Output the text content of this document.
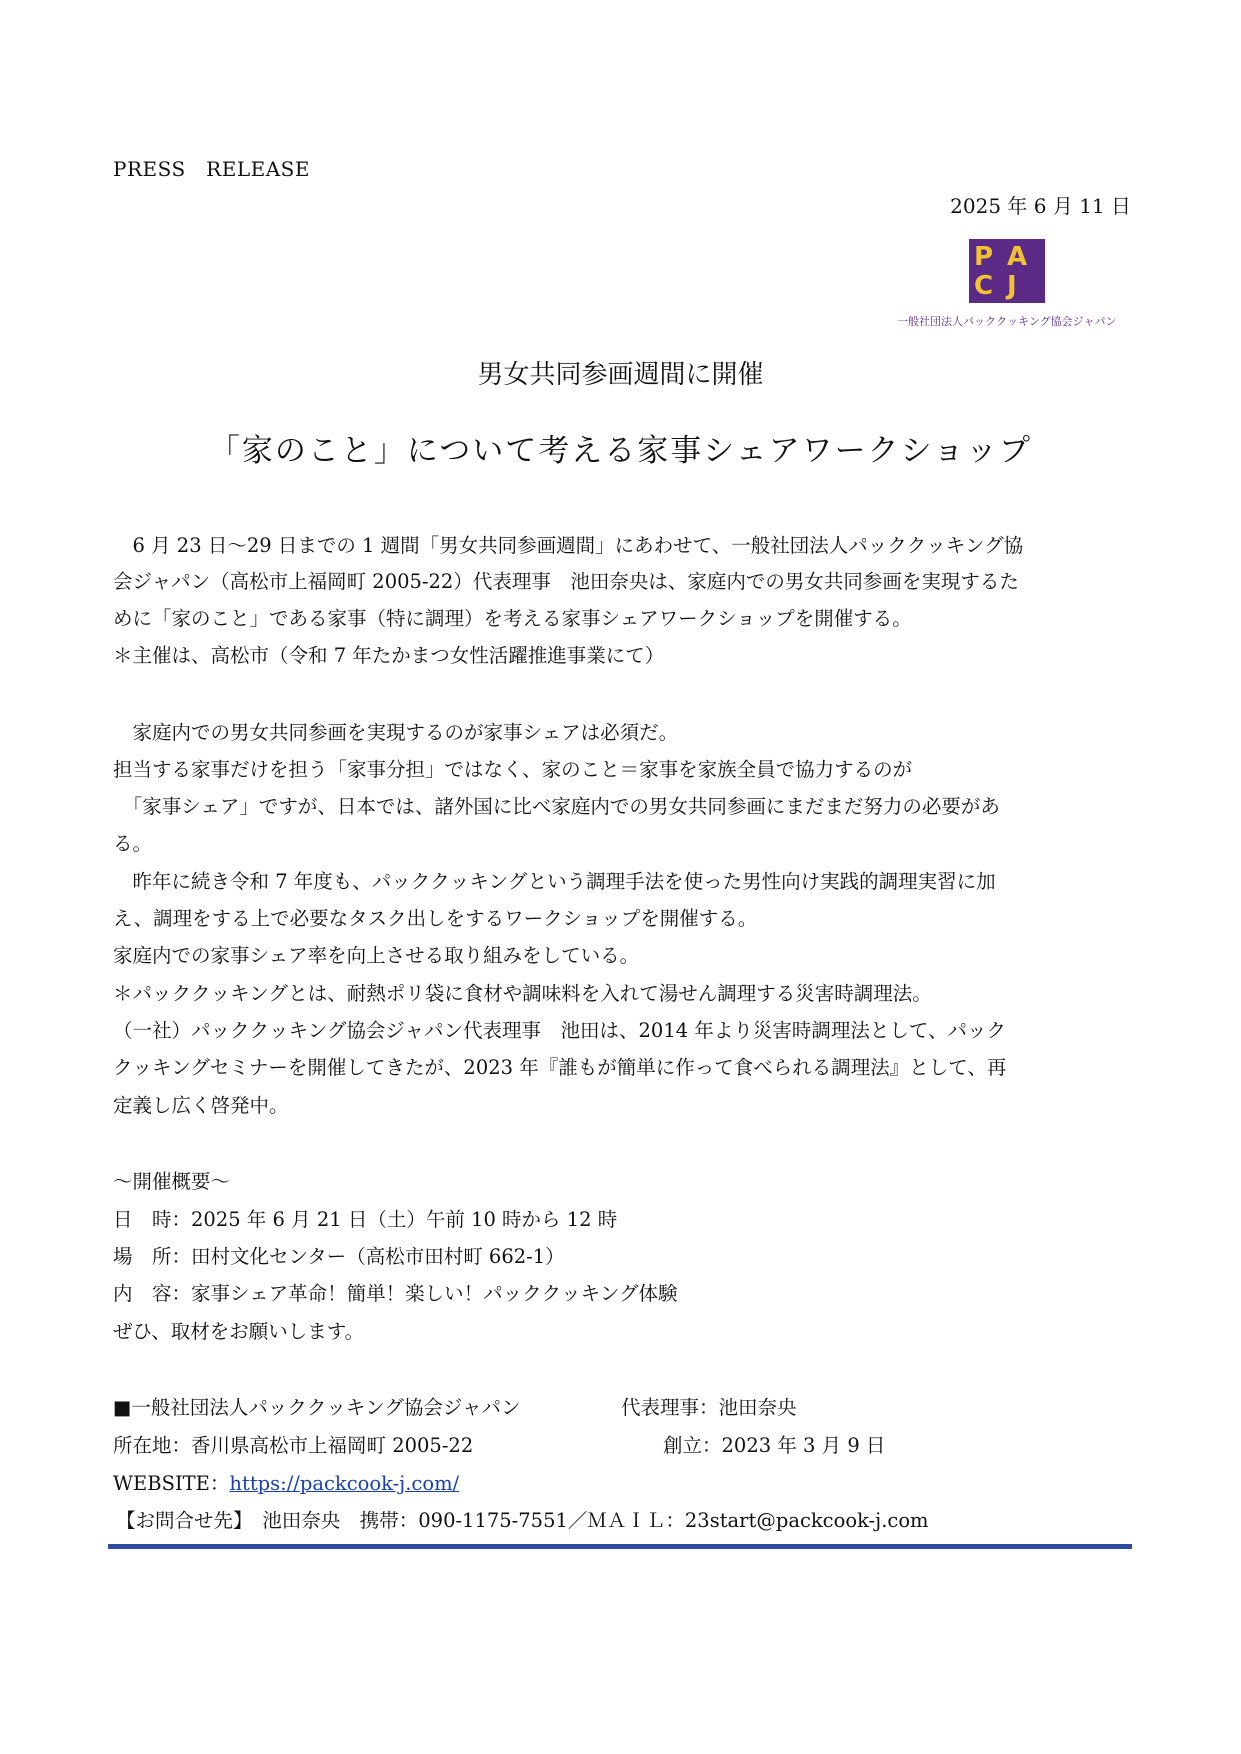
PRESS　RELEASE
2025 年 6 月 11 日
P A
C J
一般社団法人パッククッキング協会ジャパン
男女共同参画週間に開催
「家のこと」について考える家事シェアワークショップ
　6 月 23 日～29 日までの 1 週間「男女共同参画週間」にあわせて、一般社団法人パッククッキング協
会ジャパン（高松市上福岡町 2005-22）代表理事　池田奈央は、家庭内での男女共同参画を実現するた
めに「家のこと」である家事（特に調理）を考える家事シェアワークショップを開催する。
＊主催は、高松市（令和 7 年たかまつ女性活躍推進事業にて）
　家庭内での男女共同参画を実現するのが家事シェアは必須だ。
担当する家事だけを担う「家事分担」ではなく、家のこと＝家事を家族全員で協力するのが
　「家事シェア」ですが、日本では、諸外国に比べ家庭内での男女共同参画にまだまだ努力の必要があ
る。
　昨年に続き令和 7 年度も、パッククッキングという調理手法を使った男性向け実践的調理実習に加
え、調理をする上で必要なタスク出しをするワークショップを開催する。
家庭内での家事シェア率を向上させる取り組みをしている。
＊パッククッキングとは、耐熱ポリ袋に食材や調味料を入れて湯せん調理する災害時調理法。
（一社）パッククッキング協会ジャパン代表理事　池田は、2014 年より災害時調理法として、パック
クッキングセミナーを開催してきたが、2023 年『誰もが簡単に作って食べられる調理法』として、再
定義し広く啓発中。
～開催概要～
日　時：2025 年 6 月 21 日（土）午前 10 時から 12 時
場　所：田村文化センター（高松市田村町 662-1）
内　容：家事シェア革命！簡単！楽しい！パッククッキング体験
ぜひ、取材をお願いします。
■一般社団法人パッククッキング協会ジャパン	代表理事：池田奈央
所在地：香川県高松市上福岡町 2005-22	創立：2023 年 3 月 9 日
WEBSITE：https://packcook-j.com/
【お問合せ先】　池田奈央　携帯：090-1175-7551／ＭＡＩＬ：23start@packcook-j.com
